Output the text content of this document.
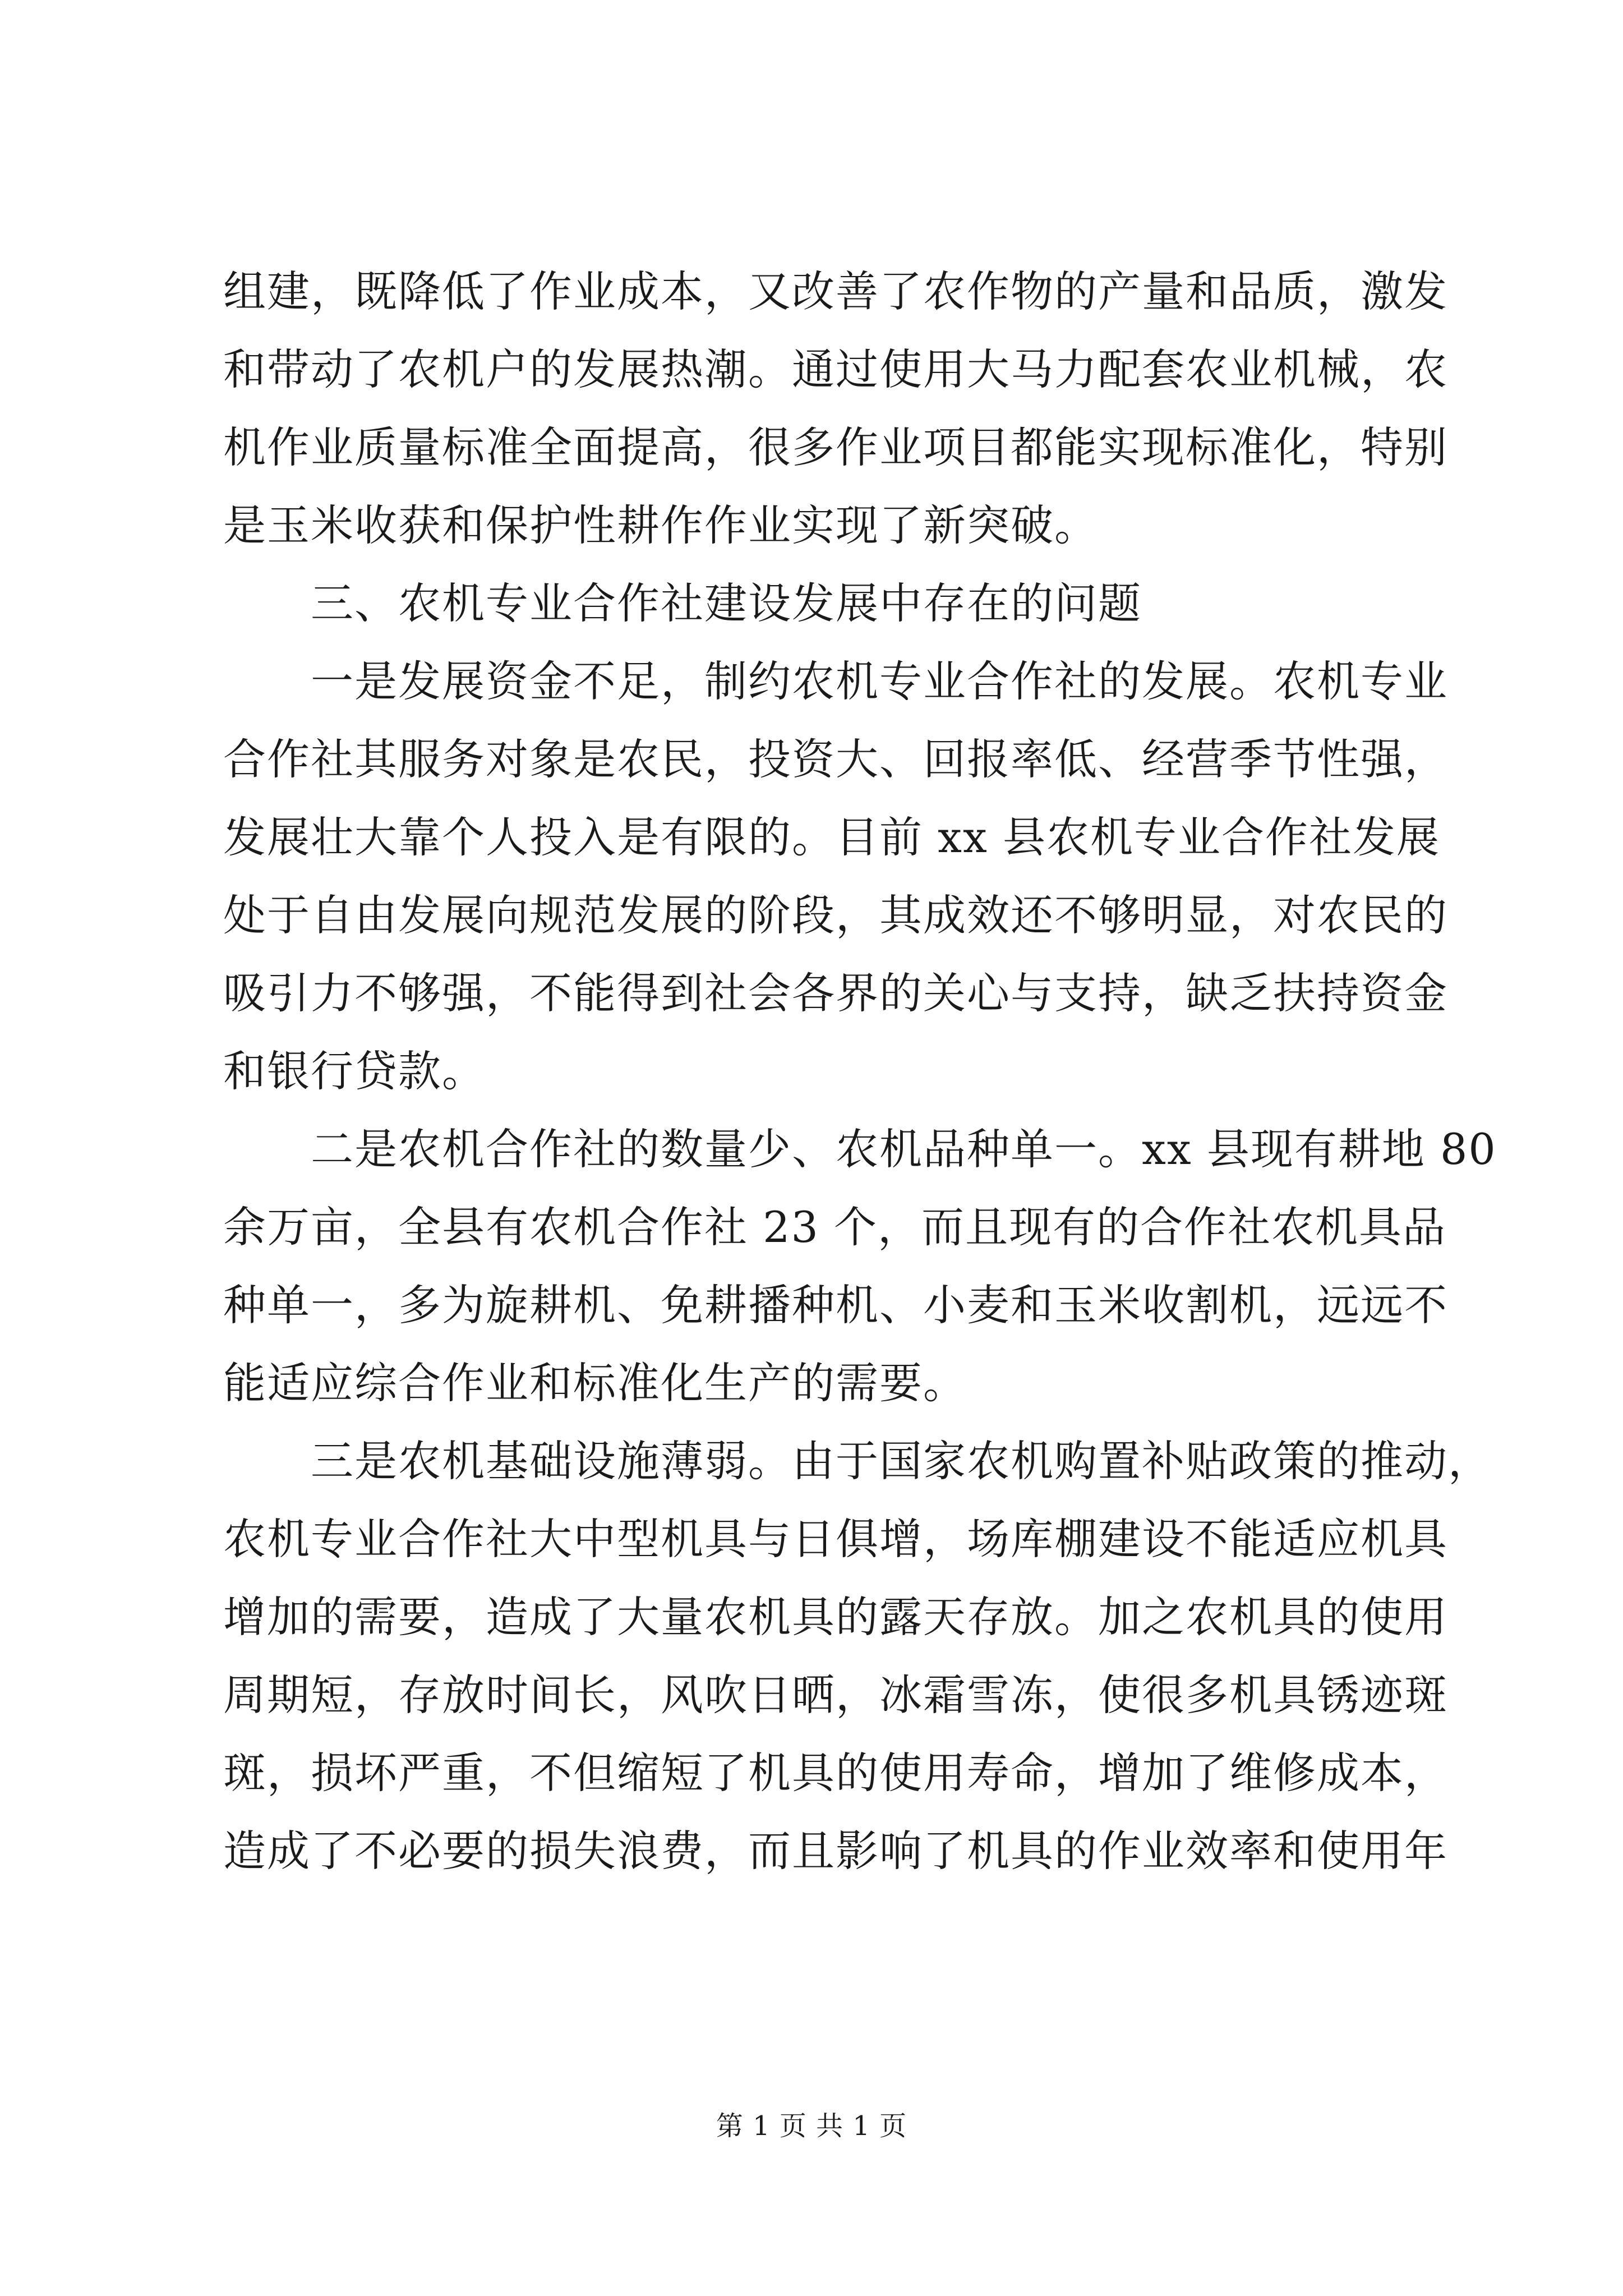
组建，既降低了作业成本，又改善了农作物的产量和品质，激发
和带动了农机户的发展热潮。通过使用大马力配套农业机械，农
机作业质量标准全面提高，很多作业项目都能实现标准化，特别
是玉米收获和保护性耕作作业实现了新突破。

三、农机专业合作社建设发展中存在的问题

一是发展资金不足，制约农机专业合作社的发展。农机专业
合作社其服务对象是农民，投资大、回报率低、经营季节性强，
发展壮大靠个人投入是有限的。目前 xx 县农机专业合作社发展
处于自由发展向规范发展的阶段，其成效还不够明显，对农民的
吸引力不够强，不能得到社会各界的关心与支持，缺乏扶持资金
和银行贷款。

二是农机合作社的数量少、农机品种单一。xx 县现有耕地 80
余万亩，全县有农机合作社 23 个，而且现有的合作社农机具品
种单一，多为旋耕机、免耕播种机、小麦和玉米收割机，远远不
能适应综合作业和标准化生产的需要。

三是农机基础设施薄弱。由于国家农机购置补贴政策的推动，
农机专业合作社大中型机具与日俱增，场库棚建设不能适应机具
增加的需要，造成了大量农机具的露天存放。加之农机具的使用
周期短，存放时间长，风吹日晒，冰霜雪冻，使很多机具锈迹斑
斑，损坏严重，不但缩短了机具的使用寿命，增加了维修成本，
造成了不必要的损失浪费，而且影响了机具的作业效率和使用年

第 1 页 共 1 页
